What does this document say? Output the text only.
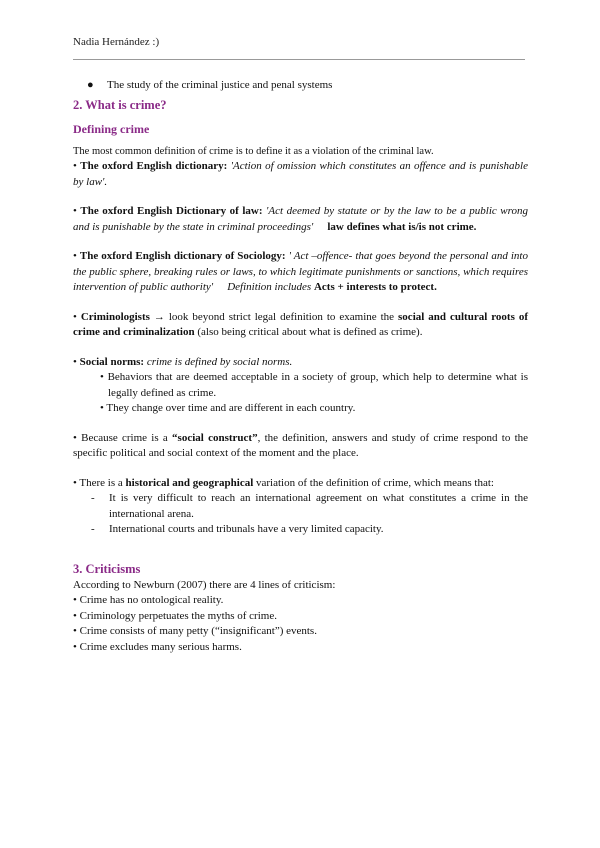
Nadia Hernández :)
● The study of the criminal justice and penal systems
2. What is crime?
Defining crime

The most common definition of crime is to define it as a violation of the criminal law.

• The oxford English dictionary: 'Action of omission which constitutes an offence and is punishable by law'.

• The oxford English Dictionary of law: 'Act deemed by statute or by the law to be a public wrong and is punishable by the state in criminal proceedings' law defines what is/is not crime.

• The oxford English dictionary of Sociology: ' Act –offence- that goes beyond the personal and into the public sphere, breaking rules or laws, to which legitimate punishments or sanctions, which requires intervention of public authority' Definition includes Acts + interests to protect.

• Criminologists → look beyond strict legal definition to examine the social and cultural roots of crime and criminalization (also being critical about what is defined as crime).

• Social norms: crime is defined by social norms.

• Behaviors that are deemed acceptable in a society of group, which help to determine what is legally defined as crime.
• They change over time and are different in each country.

• Because crime is a “social construct”, the definition, answers and study of crime respond to the specific political and social context of the moment and the place.

• There is a historical and geographical variation of the definition of crime, which means that:

- It is very difficult to reach an international agreement on what constitutes a crime in the international arena.
- International courts and tribunals have a very limited capacity.
3. Criticisms

According to Newburn (2007) there are 4 lines of criticism:

• Crime has no ontological reality.

• Criminology perpetuates the myths of crime.

• Crime consists of many petty (“insignificant”) events.

• Crime excludes many serious harms.
